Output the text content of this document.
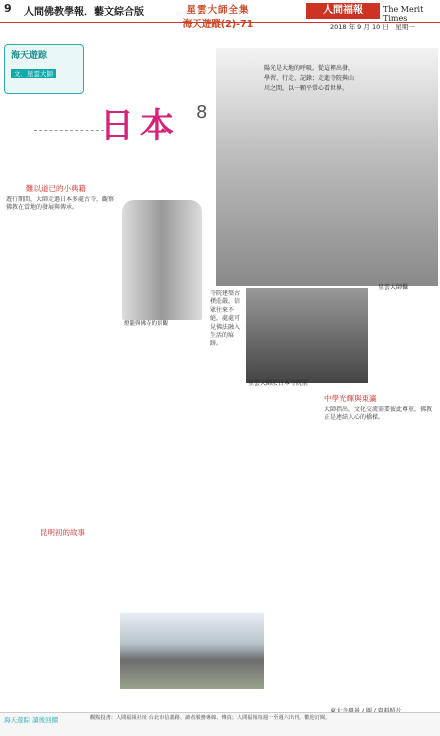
9 人間佛教學報．藝文綜合版	星雲大師全集
海天遊蹤(2)-71
人間福報	The Merit Times
2018 年 9 月 10 日　星期一
海天遊踪
文．星雲大師
日本 8
陽光是大地的呼吸。從這裡出發，學習、行走、記錄；走進寺院與山川之間，以一顆平常心看世界。
星雲大師攝
難以道已的小典籍
遊行期間，大師走過日本多處古寺，觀察佛教在當地的發展與傳承。
燈籠與佛寺的景觀
寺院建築古樸莊嚴，信眾往來不絕，處處可見佛法融入生活的痕跡。
星雲大師於日本寺院前
中學光輝與東瀛
大師指出，文化交流需要彼此尊重，佛教正是連結人心的橋樑。
昆明初的故事
海天遊踪 讀後回饋	觀點投書：人間福報社址 台北市信義路、讀者服務專線、傳真；人間福報每週一至週六出刊，歡迎訂閱。
